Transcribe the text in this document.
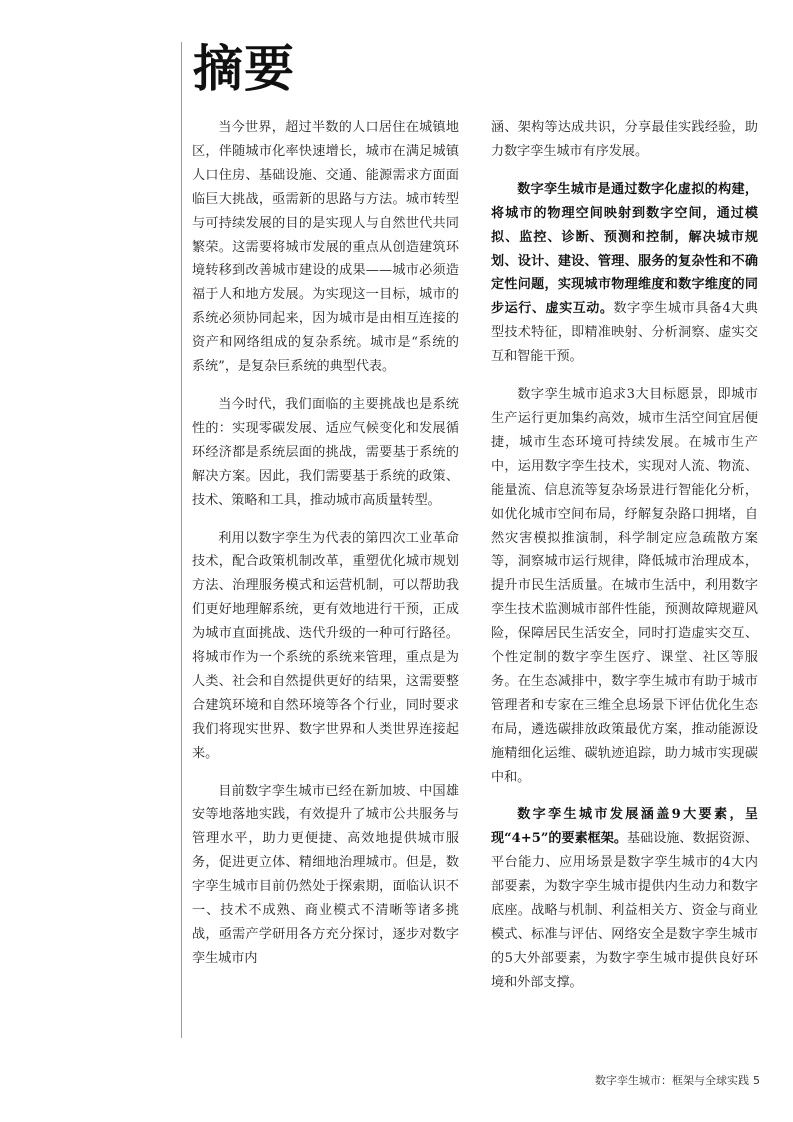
摘要

当今世界，超过半数的人口居住在城镇地区，伴随城市化率快速增长，城市在满足城镇人口住房、基础设施、交通、能源需求方面面临巨大挑战，亟需新的思路与方法。城市转型与可持续发展的目的是实现人与自然世代共同繁荣。这需要将城市发展的重点从创造建筑环境转移到改善城市建设的成果——城市必须造福于人和地方发展。为实现这一目标，城市的系统必须协同起来，因为城市是由相互连接的资产和网络组成的复杂系统。城市是“系统的系统”，是复杂巨系统的典型代表。

当今时代，我们面临的主要挑战也是系统性的：实现零碳发展、适应气候变化和发展循环经济都是系统层面的挑战，需要基于系统的解决方案。因此，我们需要基于系统的政策、技术、策略和工具，推动城市高质量转型。

利用以数字孪生为代表的第四次工业革命技术，配合政策机制改革，重塑优化城市规划方法、治理服务模式和运营机制，可以帮助我们更好地理解系统，更有效地进行干预，正成为城市直面挑战、迭代升级的一种可行路径。将城市作为一个系统的系统来管理，重点是为人类、社会和自然提供更好的结果，这需要整合建筑环境和自然环境等各个行业，同时要求我们将现实世界、数字世界和人类世界连接起来。

目前数字孪生城市已经在新加坡、中国雄安等地落地实践，有效提升了城市公共服务与管理水平，助力更便捷、高效地提供城市服务，促进更立体、精细地治理城市。但是，数字孪生城市目前仍然处于探索期，面临认识不一、技术不成熟、商业模式不清晰等诸多挑战，亟需产学研用各方充分探讨，逐步对数字孪生城市内

涵、架构等达成共识，分享最佳实践经验，助力数字孪生城市有序发展。

数字孪生城市是通过数字化虚拟的构建，将城市的物理空间映射到数字空间，通过模拟、监控、诊断、预测和控制，解决城市规划、设计、建设、管理、服务的复杂性和不确定性问题，实现城市物理维度和数字维度的同步运行、虚实互动。数字孪生城市具备4大典型技术特征，即精准映射、分析洞察、虚实交互和智能干预。

数字孪生城市追求3大目标愿景，即城市生产运行更加集约高效，城市生活空间宜居便捷，城市生态环境可持续发展。在城市生产中，运用数字孪生技术，实现对人流、物流、能量流、信息流等复杂场景进行智能化分析，如优化城市空间布局，纾解复杂路口拥堵，自然灾害模拟推演制，科学制定应急疏散方案等，洞察城市运行规律，降低城市治理成本，提升市民生活质量。在城市生活中，利用数字孪生技术监测城市部件性能，预测故障规避风险，保障居民生活安全，同时打造虚实交互、个性定制的数字孪生医疗、课堂、社区等服务。在生态减排中，数字孪生城市有助于城市管理者和专家在三维全息场景下评估优化生态布局，遴选碳排放政策最优方案，推动能源设施精细化运维、碳轨迹追踪，助力城市实现碳中和。

数字孪生城市发展涵盖9大要素，呈现“4+5”的要素框架。基础设施、数据资源、平台能力、应用场景是数字孪生城市的4大内部要素，为数字孪生城市提供内生动力和数字底座。战略与机制、利益相关方、资金与商业模式、标准与评估、网络安全是数字孪生城市的5大外部要素，为数字孪生城市提供良好环境和外部支撑。

数字孪生城市：框架与全球实践 5
